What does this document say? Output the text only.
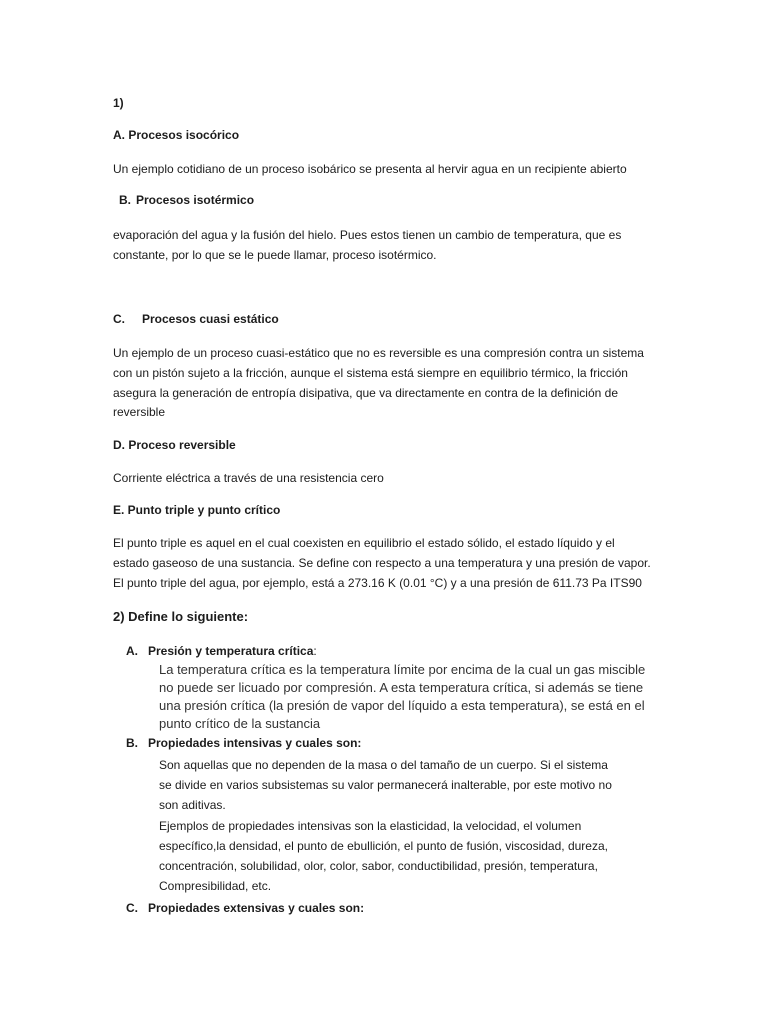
1)

A. Procesos isocórico

Un ejemplo cotidiano de un proceso isobárico se presenta al hervir agua en un recipiente abierto

B. Procesos isotérmico

evaporación del agua y la fusión del hielo. Pues estos tienen un cambio de temperatura, que es

constante, por lo que se le puede llamar, proceso isotérmico.

C. Procesos cuasi estático

Un ejemplo de un proceso cuasi-estático que no es reversible es una compresión contra un sistema

con un pistón sujeto a la fricción, aunque el sistema está siempre en equilibrio térmico, la fricción

asegura la generación de entropía disipativa, que va directamente en contra de la definición de

reversible

D. Proceso reversible

Corriente eléctrica a través de una resistencia cero

E. Punto triple y punto crítico

El punto triple es aquel en el cual coexisten en equilibrio el estado sólido, el estado líquido y el

estado gaseoso de una sustancia. Se define con respecto a una temperatura y una presión de vapor.

El punto triple del agua, por ejemplo, está a 273.16 K (0.01 °C) y a una presión de 611.73 Pa ITS90

2) Define lo siguiente:

A. Presión y temperatura crítica:

La temperatura crítica es la temperatura límite por encima de la cual un gas miscible

no puede ser licuado por compresión. A esta temperatura crítica, si además se tiene

una presión crítica (la presión de vapor del líquido a esta temperatura), se está en el

punto crítico de la sustancia

B. Propiedades intensivas y cuales son:

Son aquellas que no dependen de la masa o del tamaño de un cuerpo. Si el sistema

se divide en varios subsistemas su valor permanecerá inalterable, por este motivo no

son aditivas.

Ejemplos de propiedades intensivas son la elasticidad, la velocidad, el volumen

específico,la densidad, el punto de ebullición, el punto de fusión, viscosidad, dureza,

concentración, solubilidad, olor, color, sabor, conductibilidad, presión, temperatura,

Compresibilidad, etc.

C. Propiedades extensivas y cuales son:
